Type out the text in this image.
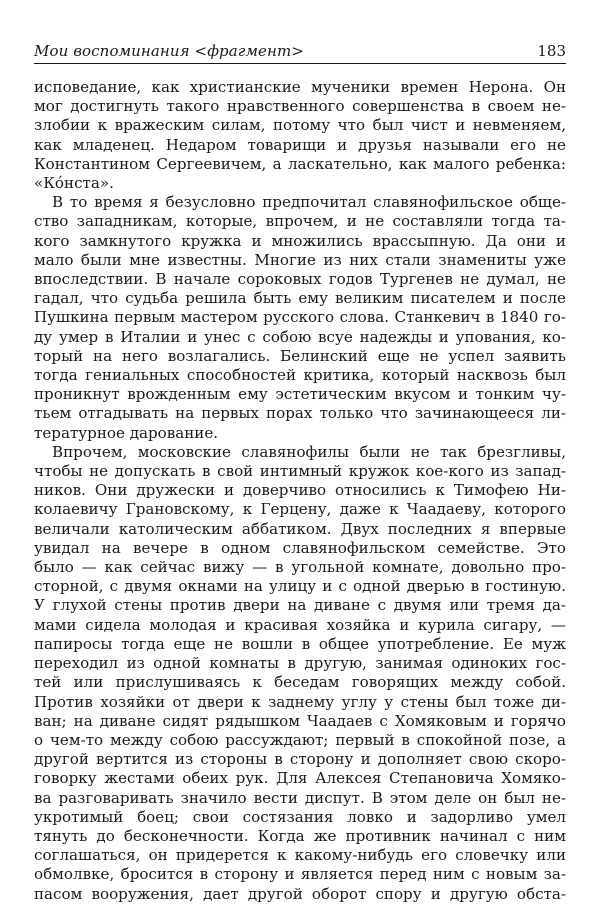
Мои воспоминания <фрагмент>	183
исповедание, как христианские мученики времен Нерона. Он
мог достигнуть такого нравственного совершенства в своем не-
злобии к вражеским силам, потому что был чист и невменяем,
как младенец. Недаром товарищи и друзья называли его не
Константином Сергеевичем, а ласкательно, как малого ребенка:
«Ко́нста».
В то время я безусловно предпочитал славянофильское обще-
ство западникам, которые, впрочем, и не составляли тогда та-
кого замкнутого кружка и множились врассыпную. Да они и
мало были мне известны. Многие из них стали знамениты уже
впоследствии. В начале сороковых годов Тургенев не думал, не
гадал, что судьба решила быть ему великим писателем и после
Пушкина первым мастером русского слова. Станкевич в 1840 го-
ду умер в Италии и унес с собою всуе надежды и упования, ко-
торый на него возлагались. Белинский еще не успел заявить
тогда гениальных способностей критика, который насквозь был
проникнут врожденным ему эстетическим вкусом и тонким чу-
тьем отгадывать на первых порах только что зачинающееся ли-
тературное дарование.
Впрочем, московские славянофилы были не так брезгливы,
чтобы не допускать в свой интимный кружок кое-кого из запад-
ников. Они дружески и доверчиво относились к Тимофею Ни-
колаевичу Грановскому, к Герцену, даже к Чаадаеву, которого
величали католическим аббатиком. Двух последних я впервые
увидал на вечере в одном славянофильском семействе. Это
было — как сейчас вижу — в угольной комнате, довольно про-
сторной, с двумя окнами на улицу и с одной дверью в гостиную.
У глухой стены против двери на диване с двумя или тремя да-
мами сидела молодая и красивая хозяйка и курила сигару, —
папиросы тогда еще не вошли в общее употребление. Ее муж
переходил из одной комнаты в другую, занимая одиноких гос-
тей или прислушиваясь к беседам говорящих между собой.
Против хозяйки от двери к заднему углу у стены был тоже ди-
ван; на диване сидят рядышком Чаадаев с Хомяковым и горячо
о чем-то между собою рассуждают; первый в спокойной позе, а
другой вертится из стороны в сторону и дополняет свою скоро-
говорку жестами обеих рук. Для Алексея Степановича Хомяко-
ва разговаривать значило вести диспут. В этом деле он был не-
укротимый боец; свои состязания ловко и задорливо умел
тянуть до бесконечности. Когда же противник начинал с ним
соглашаться, он придерется к какому-нибудь его словечку или
обмолвке, бросится в сторону и является перед ним с новым за-
пасом вооружения, дает другой оборот спору и другую обста-
